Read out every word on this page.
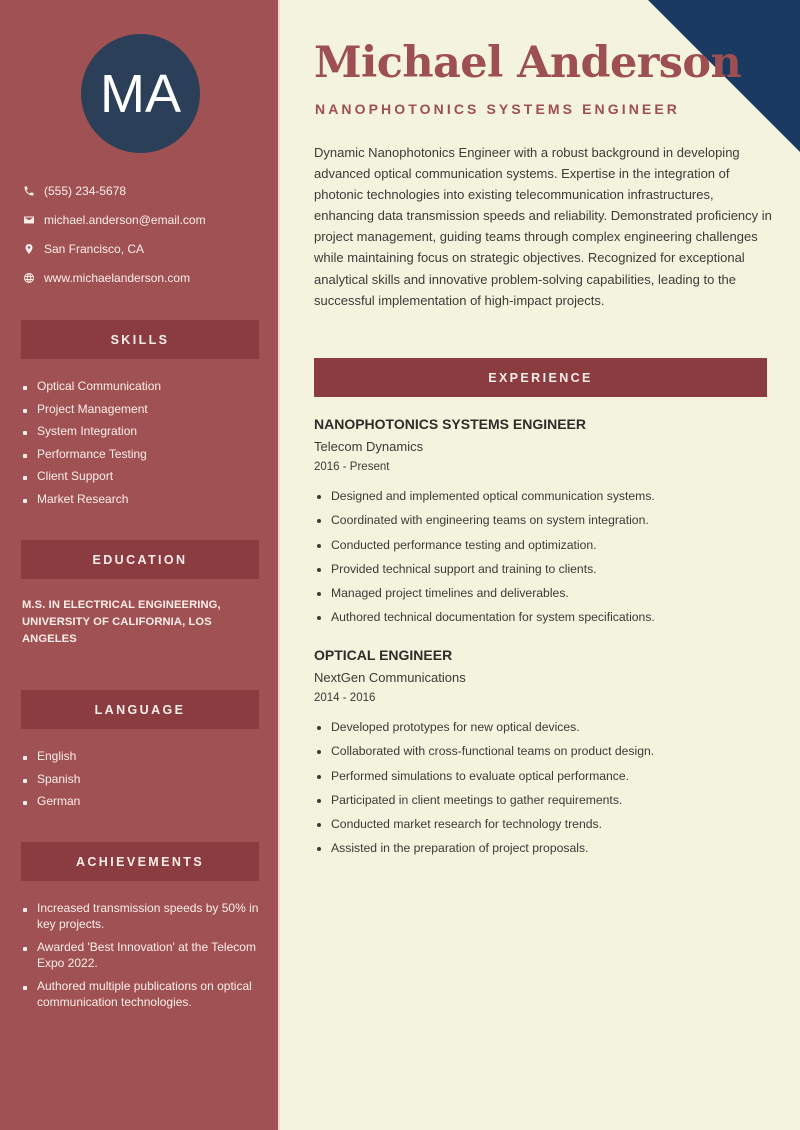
MA
(555) 234-5678
michael.anderson@email.com
San Francisco, CA
www.michaelanderson.com
SKILLS
Optical Communication
Project Management
System Integration
Performance Testing
Client Support
Market Research
EDUCATION
M.S. IN ELECTRICAL ENGINEERING, UNIVERSITY OF CALIFORNIA, LOS ANGELES
LANGUAGE
English
Spanish
German
ACHIEVEMENTS
Increased transmission speeds by 50% in key projects.
Awarded 'Best Innovation' at the Telecom Expo 2022.
Authored multiple publications on optical communication technologies.
Michael Anderson
NANOPHOTONICS SYSTEMS ENGINEER

Dynamic Nanophotonics Engineer with a robust background in developing advanced optical communication systems. Expertise in the integration of photonic technologies into existing telecommunication infrastructures, enhancing data transmission speeds and reliability. Demonstrated proficiency in project management, guiding teams through complex engineering challenges while maintaining focus on strategic objectives. Recognized for exceptional analytical skills and innovative problem-solving capabilities, leading to the successful implementation of high-impact projects.

EXPERIENCE
NANOPHOTONICS SYSTEMS ENGINEER
Telecom Dynamics
2016 - Present
Designed and implemented optical communication systems.
Coordinated with engineering teams on system integration.
Conducted performance testing and optimization.
Provided technical support and training to clients.
Managed project timelines and deliverables.
Authored technical documentation for system specifications.
OPTICAL ENGINEER
NextGen Communications
2014 - 2016
Developed prototypes for new optical devices.
Collaborated with cross-functional teams on product design.
Performed simulations to evaluate optical performance.
Participated in client meetings to gather requirements.
Conducted market research for technology trends.
Assisted in the preparation of project proposals.
